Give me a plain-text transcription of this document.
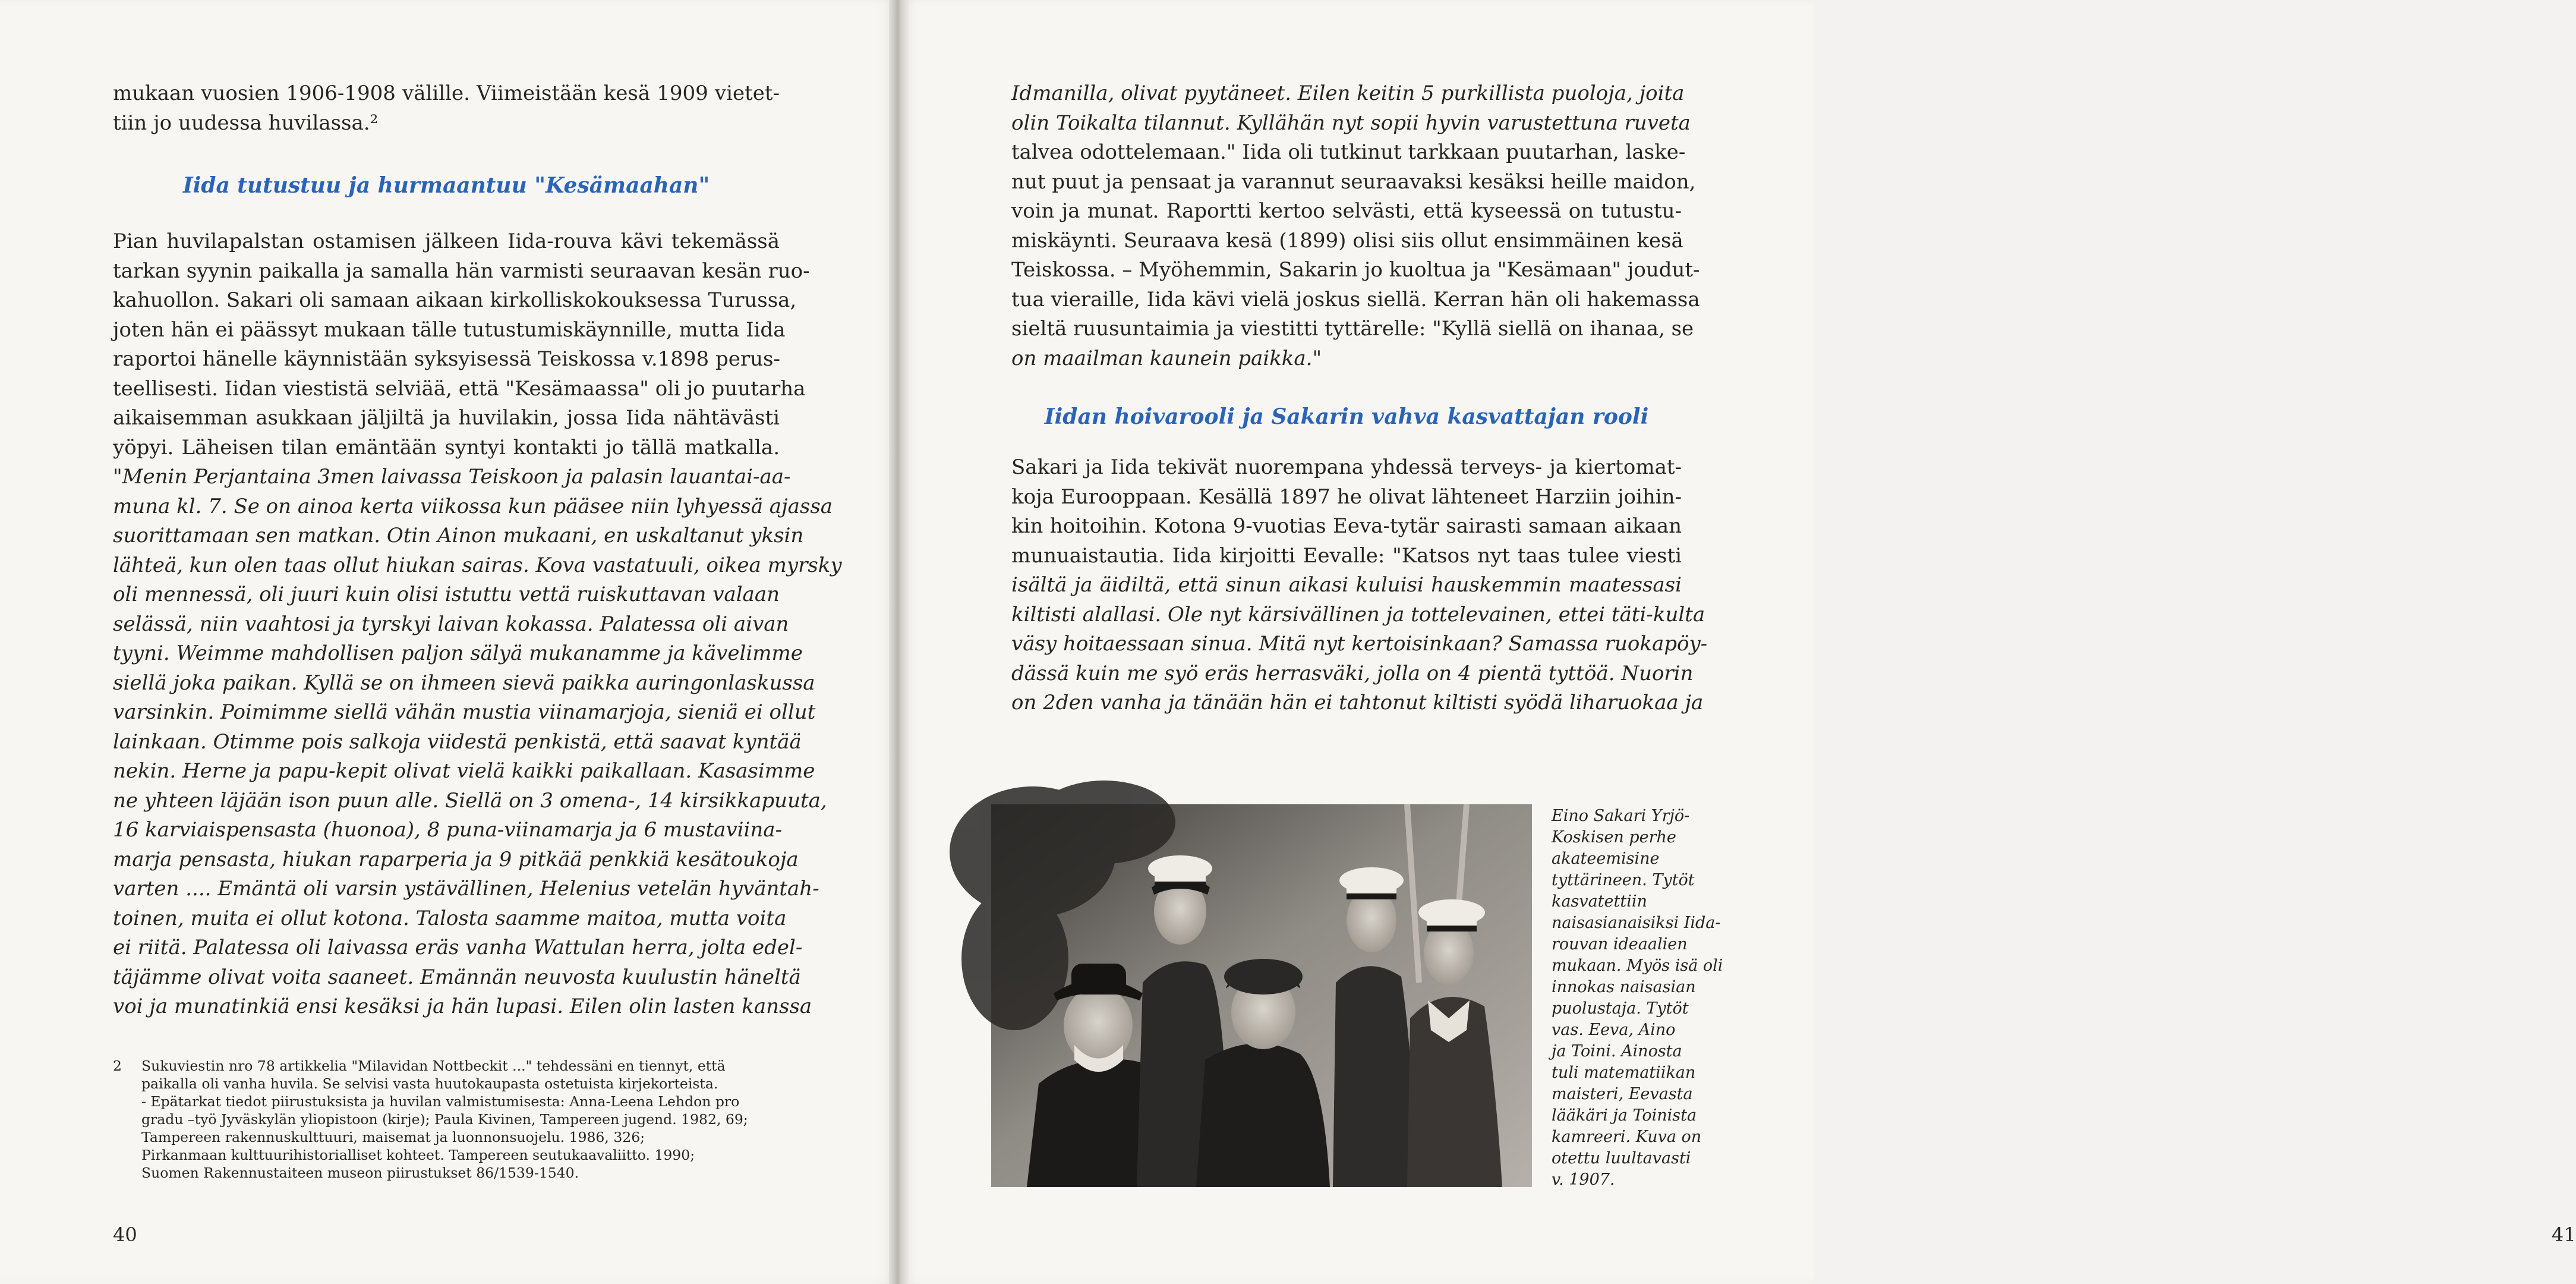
mukaan vuosien 1906-1908 välille. Viimeistään kesä 1909 vietet-
tiin jo uudessa huvilassa.²
Iida tutustuu ja hurmaantuu "Kesämaahan"
Pian huvilapalstan ostamisen jälkeen Iida-rouva kävi tekemässä
tarkan syynin paikalla ja samalla hän varmisti seuraavan kesän ruo-
kahuollon. Sakari oli samaan aikaan kirkolliskokouksessa Turussa,
joten hän ei päässyt mukaan tälle tutustumiskäynnille, mutta Iida
raportoi hänelle käynnistään syksyisessä Teiskossa v.1898 perus-
teellisesti. Iidan viestistä selviää, että "Kesämaassa" oli jo puutarha
aikaisemman asukkaan jäljiltä ja huvilakin, jossa Iida nähtävästi
yöpyi. Läheisen tilan emäntään syntyi kontakti jo tällä matkalla.
"Menin Perjantaina 3men laivassa Teiskoon ja palasin lauantai-aa-
muna kl. 7. Se on ainoa kerta viikossa kun pääsee niin lyhyessä ajassa
suorittamaan sen matkan. Otin Ainon mukaani, en uskaltanut yksin
lähteä, kun olen taas ollut hiukan sairas. Kova vastatuuli, oikea myrsky
oli mennessä, oli juuri kuin olisi istuttu vettä ruiskuttavan valaan
selässä, niin vaahtosi ja tyrskyi laivan kokassa. Palatessa oli aivan
tyyni. Weimme mahdollisen paljon sälyä mukanamme ja kävelimme
siellä joka paikan. Kyllä se on ihmeen sievä paikka auringonlaskussa
varsinkin. Poimimme siellä vähän mustia viinamarjoja, sieniä ei ollut
lainkaan. Otimme pois salkoja viidestä penkistä, että saavat kyntää
nekin. Herne ja papu-kepit olivat vielä kaikki paikallaan. Kasasimme
ne yhteen läjään ison puun alle. Siellä on 3 omena-, 14 kirsikkapuuta,
16 karviaispensasta (huonoa), 8 puna-viinamarja ja 6 mustaviina-
marja pensasta, hiukan raparperia ja 9 pitkää penkkiä kesätoukoja
varten .... Emäntä oli varsin ystävällinen, Helenius vetelän hyväntah-
toinen, muita ei ollut kotona. Talosta saamme maitoa, mutta voita
ei riitä. Palatessa oli laivassa eräs vanha Wattulan herra, jolta edel-
täjämme olivat voita saaneet. Emännän neuvosta kuulustin häneltä
voi ja munatinkiä ensi kesäksi ja hän lupasi. Eilen olin lasten kanssa
2	Sukuviestin nro 78 artikkelia "Milavidan Nottbeckit ..." tehdessäni en tiennyt, että
paikalla oli vanha huvila. Se selvisi vasta huutokaupasta ostetuista kirjekorteista.
- Epätarkat tiedot piirustuksista ja huvilan valmistumisesta: Anna-Leena Lehdon pro
gradu –työ Jyväskylän yliopistoon (kirje); Paula Kivinen, Tampereen jugend. 1982, 69;
Tampereen rakennuskulttuuri, maisemat ja luonnonsuojelu. 1986, 326;
Pirkanmaan kulttuurihistorialliset kohteet. Tampereen seutukaavaliitto. 1990;
Suomen Rakennustaiteen museon piirustukset 86/1539-1540.
40	41
Idmanilla, olivat pyytäneet. Eilen keitin 5 purkillista puoloja, joita
olin Toikalta tilannut. Kyllähän nyt sopii hyvin varustettuna ruveta
talvea odottelemaan." Iida oli tutkinut tarkkaan puutarhan, laske-
nut puut ja pensaat ja varannut seuraavaksi kesäksi heille maidon,
voin ja munat. Raportti kertoo selvästi, että kyseessä on tutustu-
miskäynti. Seuraava kesä (1899) olisi siis ollut ensimmäinen kesä
Teiskossa. – Myöhemmin, Sakarin jo kuoltua ja "Kesämaan" joudut-
tua vieraille, Iida kävi vielä joskus siellä. Kerran hän oli hakemassa
sieltä ruusuntaimia ja viestitti tyttärelle: "Kyllä siellä on ihanaa, se
on maailman kaunein paikka."
Iidan hoivarooli ja Sakarin vahva kasvattajan rooli
Sakari ja Iida tekivät nuorempana yhdessä terveys- ja kiertomat-
koja Eurooppaan. Kesällä 1897 he olivat lähteneet Harziin joihin-
kin hoitoihin. Kotona 9-vuotias Eeva-tytär sairasti samaan aikaan
munuaistautia. Iida kirjoitti Eevalle: "Katsos nyt taas tulee viesti
isältä ja äidiltä, että sinun aikasi kuluisi hauskemmin maatessasi
kiltisti alallasi. Ole nyt kärsivällinen ja tottelevainen, ettei täti-kulta
väsy hoitaessaan sinua. Mitä nyt kertoisinkaan? Samassa ruokapöy-
dässä kuin me syö eräs herrasväki, jolla on 4 pientä tyttöä. Nuorin
on 2den vanha ja tänään hän ei tahtonut kiltisti syödä liharuokaa ja
Eino Sakari Yrjö-
Koskisen perhe
akateemisine
tyttärineen. Tytöt
kasvatettiin
naisasianaisiksi Iida-
rouvan ideaalien
mukaan. Myös isä oli
innokas naisasian
puolustaja. Tytöt
vas. Eeva, Aino
ja Toini. Ainosta
tuli matematiikan
maisteri, Eevasta
lääkäri ja Toinista
kamreeri. Kuva on
otettu luultavasti
v. 1907.
